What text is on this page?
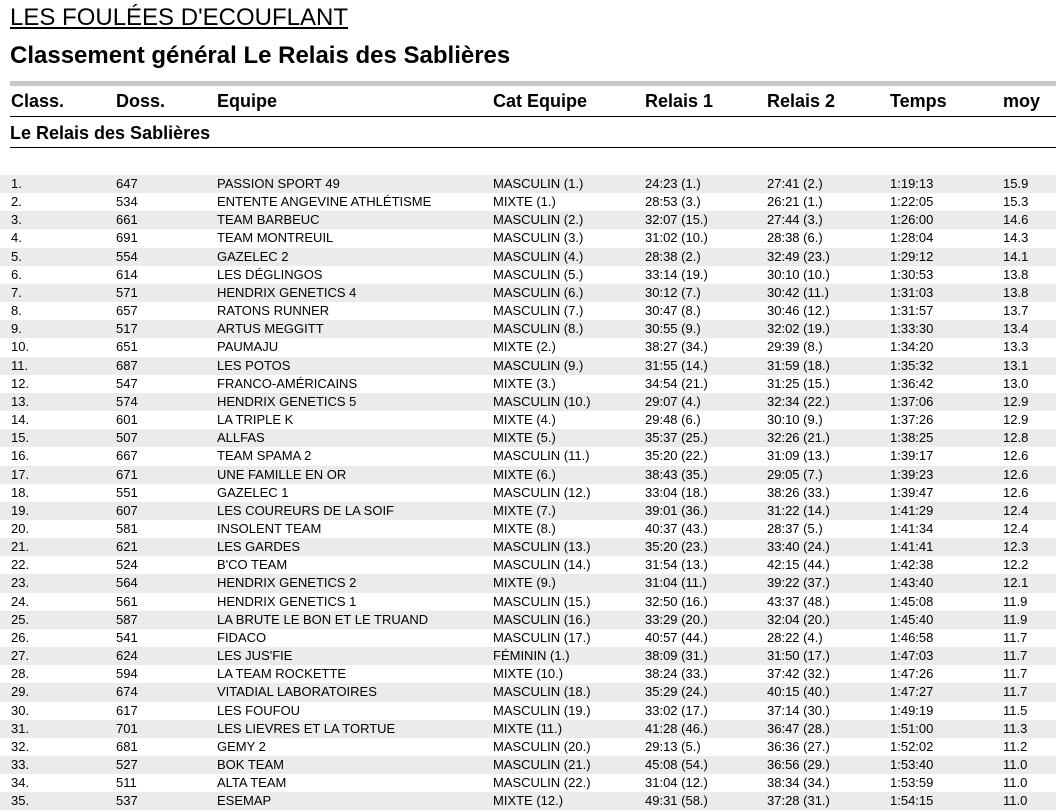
LES FOULÉES D'ECOUFLANT
Classement général Le Relais des Sablières
Class.	Doss.	Equipe	Cat Equipe	Relais 1	Relais 2	Temps	moy
Le Relais des Sablières
1.	647	PASSION SPORT 49	MASCULIN (1.)	24:23 (1.)	27:41 (2.)	1:19:13	15.9
2.	534	ENTENTE ANGEVINE ATHLÉTISME	MIXTE (1.)	28:53 (3.)	26:21 (1.)	1:22:05	15.3
3.	661	TEAM BARBEUC	MASCULIN (2.)	32:07 (15.)	27:44 (3.)	1:26:00	14.6
4.	691	TEAM MONTREUIL	MASCULIN (3.)	31:02 (10.)	28:38 (6.)	1:28:04	14.3
5.	554	GAZELEC 2	MASCULIN (4.)	28:38 (2.)	32:49 (23.)	1:29:12	14.1
6.	614	LES DÉGLINGOS	MASCULIN (5.)	33:14 (19.)	30:10 (10.)	1:30:53	13.8
7.	571	HENDRIX GENETICS 4	MASCULIN (6.)	30:12 (7.)	30:42 (11.)	1:31:03	13.8
8.	657	RATONS RUNNER	MASCULIN (7.)	30:47 (8.)	30:46 (12.)	1:31:57	13.7
9.	517	ARTUS MEGGITT	MASCULIN (8.)	30:55 (9.)	32:02 (19.)	1:33:30	13.4
10.	651	PAUMAJU	MIXTE (2.)	38:27 (34.)	29:39 (8.)	1:34:20	13.3
11.	687	LES POTOS	MASCULIN (9.)	31:55 (14.)	31:59 (18.)	1:35:32	13.1
12.	547	FRANCO-AMÉRICAINS	MIXTE (3.)	34:54 (21.)	31:25 (15.)	1:36:42	13.0
13.	574	HENDRIX GENETICS 5	MASCULIN (10.)	29:07 (4.)	32:34 (22.)	1:37:06	12.9
14.	601	LA TRIPLE K	MIXTE (4.)	29:48 (6.)	30:10 (9.)	1:37:26	12.9
15.	507	ALLFAS	MIXTE (5.)	35:37 (25.)	32:26 (21.)	1:38:25	12.8
16.	667	TEAM SPAMA 2	MASCULIN (11.)	35:20 (22.)	31:09 (13.)	1:39:17	12.6
17.	671	UNE FAMILLE EN OR	MIXTE (6.)	38:43 (35.)	29:05 (7.)	1:39:23	12.6
18.	551	GAZELEC 1	MASCULIN (12.)	33:04 (18.)	38:26 (33.)	1:39:47	12.6
19.	607	LES COUREURS DE LA SOIF	MIXTE (7.)	39:01 (36.)	31:22 (14.)	1:41:29	12.4
20.	581	INSOLENT TEAM	MIXTE (8.)	40:37 (43.)	28:37 (5.)	1:41:34	12.4
21.	621	LES GARDES	MASCULIN (13.)	35:20 (23.)	33:40 (24.)	1:41:41	12.3
22.	524	B'CO TEAM	MASCULIN (14.)	31:54 (13.)	42:15 (44.)	1:42:38	12.2
23.	564	HENDRIX GENETICS 2	MIXTE (9.)	31:04 (11.)	39:22 (37.)	1:43:40	12.1
24.	561	HENDRIX GENETICS 1	MASCULIN (15.)	32:50 (16.)	43:37 (48.)	1:45:08	11.9
25.	587	LA BRUTE LE BON ET LE TRUAND	MASCULIN (16.)	33:29 (20.)	32:04 (20.)	1:45:40	11.9
26.	541	FIDACO	MASCULIN (17.)	40:57 (44.)	28:22 (4.)	1:46:58	11.7
27.	624	LES JUS'FIE	FÉMININ (1.)	38:09 (31.)	31:50 (17.)	1:47:03	11.7
28.	594	LA TEAM ROCKETTE	MIXTE (10.)	38:24 (33.)	37:42 (32.)	1:47:26	11.7
29.	674	VITADIAL LABORATOIRES	MASCULIN (18.)	35:29 (24.)	40:15 (40.)	1:47:27	11.7
30.	617	LES FOUFOU	MASCULIN (19.)	33:02 (17.)	37:14 (30.)	1:49:19	11.5
31.	701	LES LIEVRES ET LA TORTUE	MIXTE (11.)	41:28 (46.)	36:47 (28.)	1:51:00	11.3
32.	681	GEMY 2	MASCULIN (20.)	29:13 (5.)	36:36 (27.)	1:52:02	11.2
33.	527	BOK TEAM	MASCULIN (21.)	45:08 (54.)	36:56 (29.)	1:53:40	11.0
34.	511	ALTA TEAM	MASCULIN (22.)	31:04 (12.)	38:34 (34.)	1:53:59	11.0
35.	537	ESEMAP	MIXTE (12.)	49:31 (58.)	37:28 (31.)	1:54:15	11.0
